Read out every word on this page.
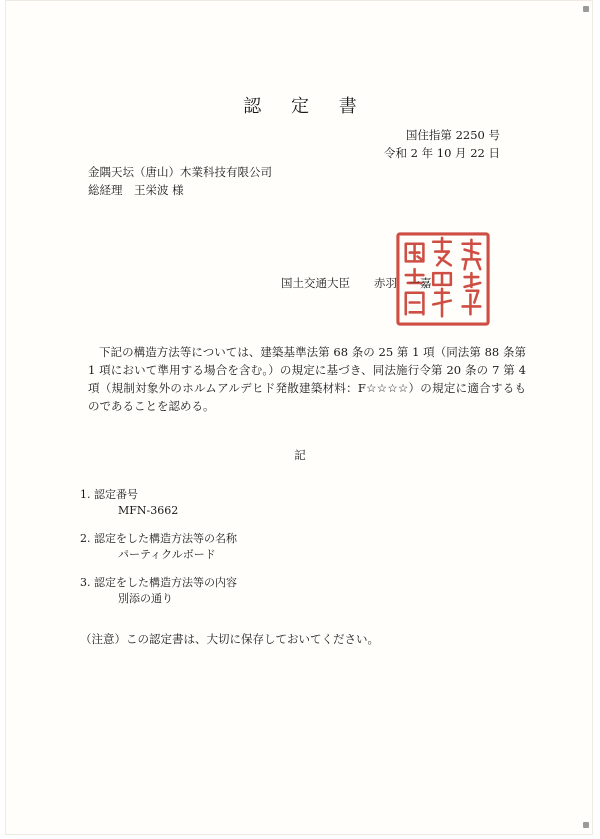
認 定 書
国住指第 2250 号
令和 2 年 10 月 22 日
金隅天坛（唐山）木業科技有限公司
総経理　王栄波 様
国土交通大臣 赤羽　一嘉
下記の構造方法等については、建築基準法第 68 条の 25 第 1 項（同法第 88 条第 1 項において準用する場合を含む。）の規定に基づき、同法施行令第 20 条の 7 第 4 項（規制対象外のホルムアルデヒド発散建築材料：F☆☆☆☆）の規定に適合するものであることを認める。
記
1. 認定番号
MFN-3662
2. 認定をした構造方法等の名称
パーティクルボード
3. 認定をした構造方法等の内容
別添の通り
（注意）この認定書は、大切に保存しておいてください。
